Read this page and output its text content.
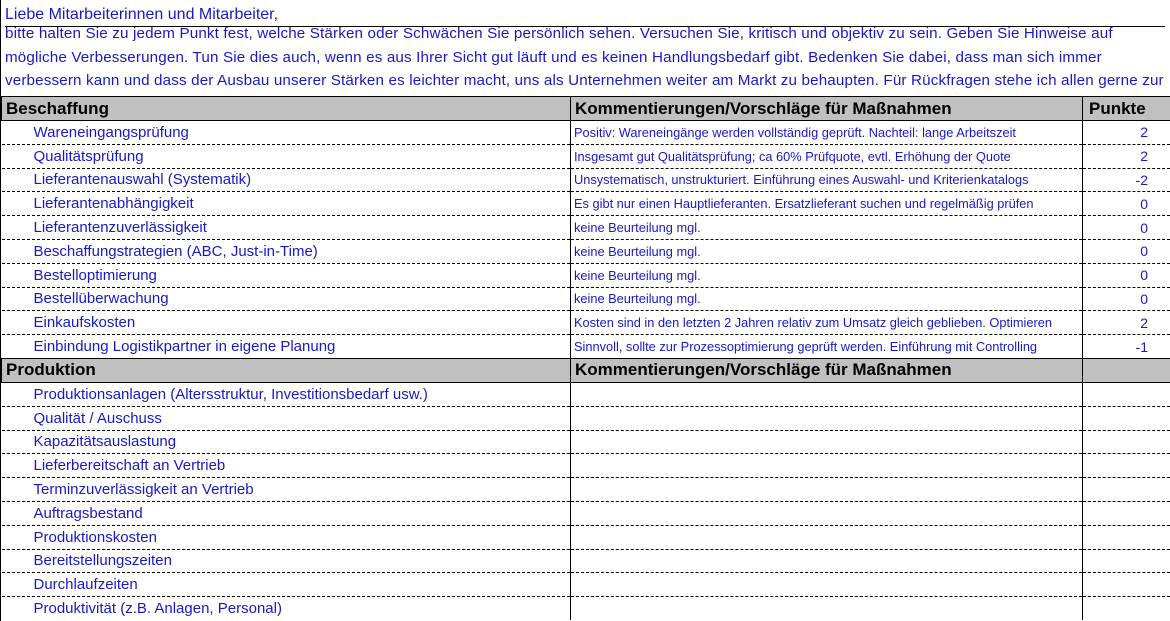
Liebe Mitarbeiterinnen und Mitarbeiter,
bitte halten Sie zu jedem Punkt fest, welche Stärken oder Schwächen Sie persönlich sehen. Versuchen Sie, kritisch und objektiv zu sein. Geben Sie Hinweise auf mögliche Verbesserungen. Tun Sie dies auch, wenn es aus Ihrer Sicht gut läuft und es keinen Handlungsbedarf gibt. Bedenken Sie dabei, dass man sich immer verbessern kann und dass der Ausbau unserer Stärken es leichter macht, uns als Unternehmen weiter am Markt zu behaupten. Für Rückfragen stehe ich allen gerne zur
Beschaffung	Kommentierungen/Vorschläge für Maßnahmen	Punkte
Wareneingangsprüfung	Positiv: Wareneingänge werden vollständig geprüft. Nachteil: lange Arbeitszeit	2
Qualitätsprüfung	Insgesamt gut Qualitätsprüfung; ca 60% Prüfquote, evtl. Erhöhung der Quote	2
Lieferantenauswahl (Systematik)	Unsystematisch, unstrukturiert. Einführung eines Auswahl- und Kriterienkatalogs	-2
Lieferantenabhängigkeit	Es gibt nur einen Hauptlieferanten. Ersatzlieferant suchen und regelmäßig prüfen	0
Lieferantenzuverlässigkeit	keine Beurteilung mgl.	0
Beschaffungstrategien (ABC, Just-in-Time)	keine Beurteilung mgl.	0
Bestelloptimierung	keine Beurteilung mgl.	0
Bestellüberwachung	keine Beurteilung mgl.	0
Einkaufskosten	Kosten sind in den letzten 2 Jahren relativ zum Umsatz gleich geblieben. Optimieren	2
Einbindung Logistikpartner in eigene Planung	Sinnvoll, sollte zur Prozessoptimierung geprüft werden. Einführung mit Controlling	-1
Produktion	Kommentierungen/Vorschläge für Maßnahmen	
Produktionsanlagen (Altersstruktur, Investitionsbedarf usw.)		
Qualität / Auschuss		
Kapazitätsauslastung		
Lieferbereitschaft an Vertrieb		
Terminzuverlässigkeit an Vertrieb		
Auftragsbestand		
Produktionskosten		
Bereitstellungszeiten		
Durchlaufzeiten		
Produktivität (z.B. Anlagen, Personal)		
